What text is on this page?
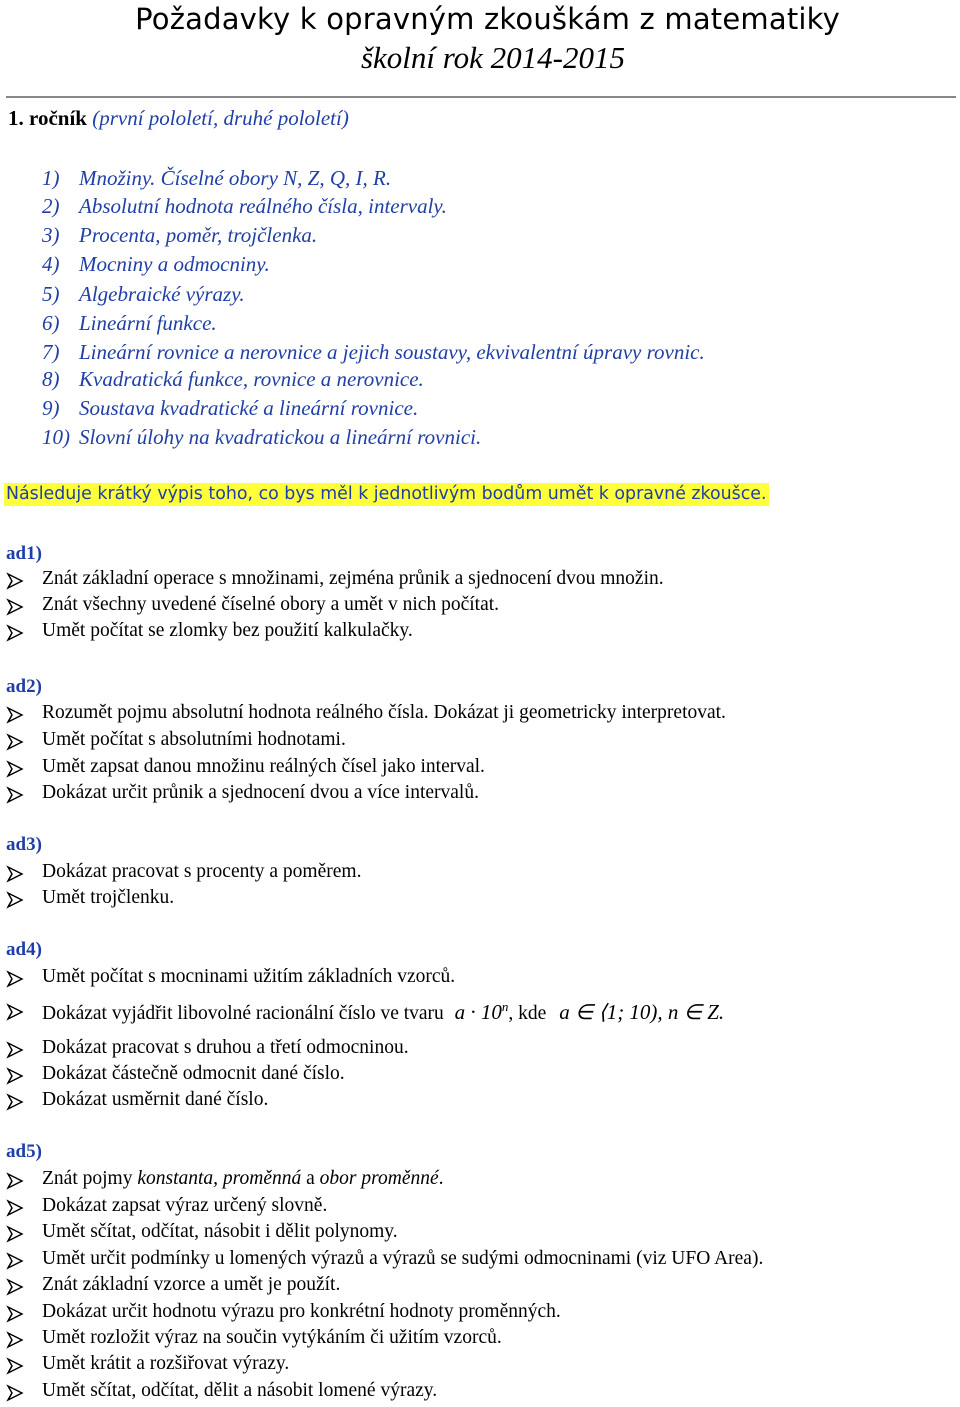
Požadavky k opravným zkouškám z matematiky
školní rok 2014-2015
1. ročník (první pololetí, druhé pololetí)
1) Množiny. Číselné obory N, Z, Q, I, R.
2) Absolutní hodnota reálného čísla, intervaly.
3) Procenta, poměr, trojčlenka.
4) Mocniny a odmocniny.
5) Algebraické výrazy.
6) Lineární funkce.
7) Lineární rovnice a nerovnice a jejich soustavy, ekvivalentní úpravy rovnic.
8) Kvadratická funkce, rovnice a nerovnice.
9) Soustava kvadratické a lineární rovnice.
10) Slovní úlohy na kvadratickou a lineární rovnici.
Následuje krátký výpis toho, co bys měl k jednotlivým bodům umět k opravné zkoušce.
ad1)
Znát základní operace s množinami, zejména průnik a sjednocení dvou množin.
Znát všechny uvedené číselné obory a umět v nich počítat.
Umět počítat se zlomky bez použití kalkulačky.
ad2)
Rozumět pojmu absolutní hodnota reálného čísla. Dokázat ji geometricky interpretovat.
Umět počítat s absolutními hodnotami.
Umět zapsat danou množinu reálných čísel jako interval.
Dokázat určit průnik a sjednocení dvou a více intervalů.
ad3)
Dokázat pracovat s procenty a poměrem.
Umět trojčlenku.
ad4)
Umět počítat s mocninami užitím základních vzorců.
Dokázat vyjádřit libovolné racionální číslo ve tvaru $a \cdot 10^n$, kde a ∈ ⟨1; 10), n ∈ Z.
Dokázat pracovat s druhou a třetí odmocninou.
Dokázat částečně odmocnit dané číslo.
Dokázat usměrnit dané číslo.
ad5)
Znát pojmy konstanta, proměnná a obor proměnné.
Dokázat zapsat výraz určený slovně.
Umět sčítat, odčítat, násobit i dělit polynomy.
Umět určit podmínky u lomených výrazů a výrazů se sudými odmocninami (viz UFO Area).
Znát základní vzorce a umět je použít.
Dokázat určit hodnotu výrazu pro konkrétní hodnoty proměnných.
Umět rozložit výraz na součin vytýkáním či užitím vzorců.
Umět krátit a rozšiřovat výrazy.
Umět sčítat, odčítat, dělit a násobit lomené výrazy.
